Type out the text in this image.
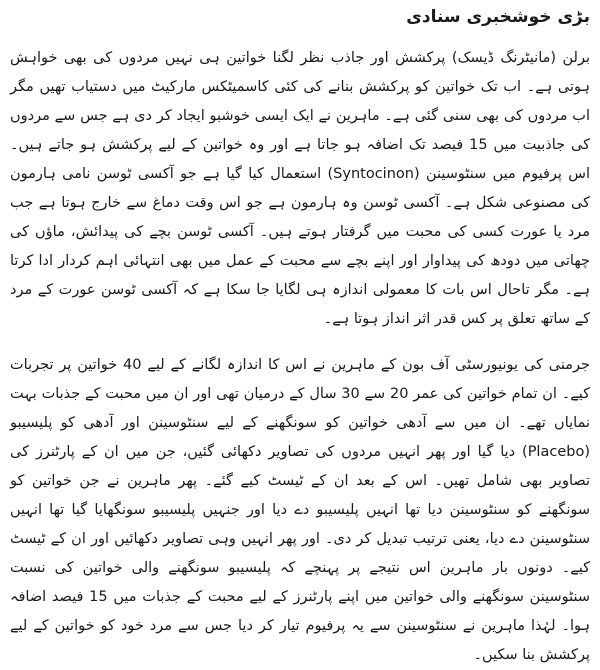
بڑی خوشخبری سنادی

برلن (مانیٹرنگ ڈیسک) پرکشش اور جاذب نظر لگنا خواتین ہی نہیں مردوں کی بھی خواہش ہوتی ہے۔ اب تک خواتین کو پرکشش بنانے کی کئی کاسمیٹکس مارکیٹ میں دستیاب تھیں مگر اب مردوں کی بھی سنی گئی ہے۔ ماہرین نے ایک ایسی خوشبو ایجاد کر دی ہے جس سے مردوں کی جاذبیت میں 15 فیصد تک اضافہ ہو جاتا ہے اور وہ خواتین کے لیے پرکشش ہو جاتے ہیں۔ اس پرفیوم میں سنٹوسینن (Syntocinon) استعمال کیا گیا ہے جو آکسی ٹوسن نامی ہارمون کی مصنوعی شکل ہے۔ آکسی ٹوسن وہ ہارمون ہے جو اس وقت دماغ سے خارج ہوتا ہے جب مرد یا عورت کسی کی محبت میں گرفتار ہوتے ہیں۔ آکسی ٹوسن بچے کی پیدائش، ماؤں کی چھاتی میں دودھ کی پیداوار اور اپنے بچے سے محبت کے عمل میں بھی انتہائی اہم کردار ادا کرتا ہے۔ مگر تاحال اس بات کا معمولی اندازہ ہی لگایا جا سکا ہے کہ آکسی ٹوسن عورت کے مرد کے ساتھ تعلق پر کس قدر اثر انداز ہوتا ہے۔

جرمنی کی یونیورسٹی آف بون کے ماہرین نے اس کا اندازہ لگانے کے لیے 40 خواتین پر تجربات کیے۔ ان تمام خواتین کی عمر 20 سے 30 سال کے درمیان تھی اور ان میں محبت کے جذبات بہت نمایاں تھے۔ ان میں سے آدھی خواتین کو سونگھنے کے لیے سنٹوسینن اور آدھی کو پلیسیبو (Placebo) دیا گیا اور پھر انہیں مردوں کی تصاویر دکھائی گئیں، جن میں ان کے پارٹنرز کی تصاویر بھی شامل تھیں۔ اس کے بعد ان کے ٹیسٹ کیے گئے۔ پھر ماہرین نے جن خواتین کو سونگھنے کو سنٹوسینن دیا تھا انہیں پلیسیبو دے دیا اور جنہیں پلیسیبو سونگھایا گیا تھا انہیں سنٹوسینن دے دیا، یعنی ترتیب تبدیل کر دی۔ اور پھر انہیں وہی تصاویر دکھائیں اور ان کے ٹیسٹ کیے۔ دونوں بار ماہرین اس نتیجے پر پہنچے کہ پلیسیبو سونگھنے والی خواتین کی نسبت سنٹوسینن سونگھنے والی خواتین میں اپنے پارٹنرز کے لیے محبت کے جذبات میں 15 فیصد اضافہ ہوا۔ لہٰذا ماہرین نے سنٹوسینن سے یہ پرفیوم تیار کر دیا جس سے مرد خود کو خواتین کے لیے پرکشش بنا سکیں۔
